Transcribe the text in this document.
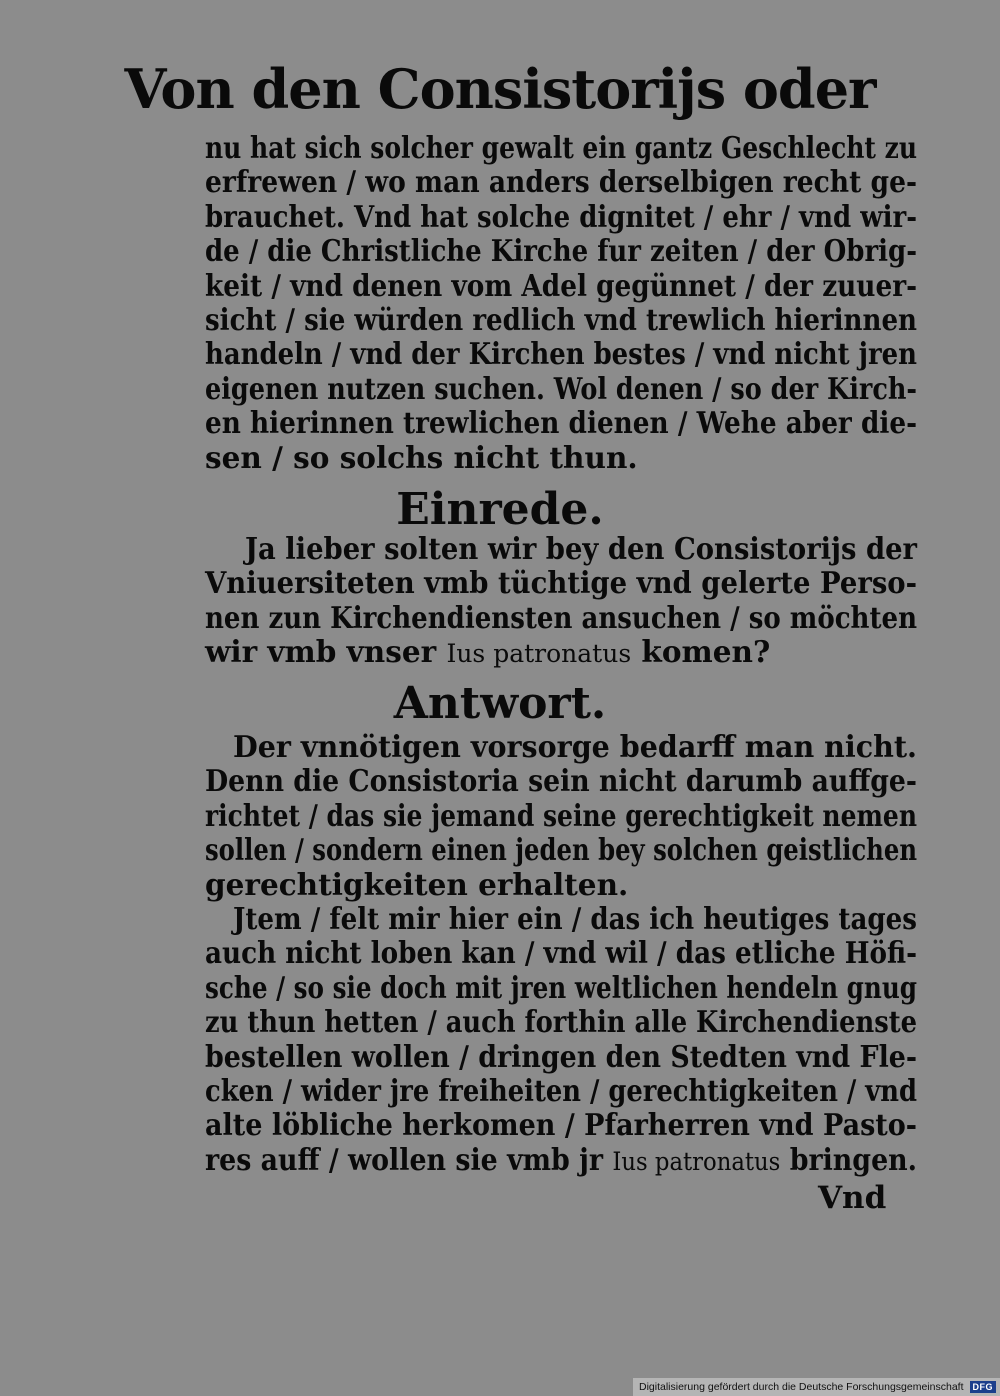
Von den Consistorijs oder
nu hat sich solcher gewalt ein gantz Geschlecht zu
erfrewen / wo man anders derselbigen recht ge-
brauchet. Vnd hat solche dignitet / ehr / vnd wir-
de / die Christliche Kirche fur zeiten / der Obrig-
keit / vnd denen vom Adel gegünnet / der zuuer-
sicht / sie würden redlich vnd trewlich hierinnen
handeln / vnd der Kirchen bestes / vnd nicht jren
eigenen nutzen suchen. Wol denen / so der Kirch-
en hierinnen trewlichen dienen / Wehe aber die-
sen / so solchs nicht thun.
Einrede.
Ja lieber solten wir bey den Consistorijs der
Vniuersiteten vmb tüchtige vnd gelerte Perso-
nen zun Kirchendiensten ansuchen / so möchten
wir vmb vnser Ius patronatus komen?
Antwort.
Der vnnötigen vorsorge bedarff man nicht.
Denn die Consistoria sein nicht darumb auffge-
richtet / das sie jemand seine gerechtigkeit nemen
sollen / sondern einen jeden bey solchen geistlichen
gerechtigkeiten erhalten.
Jtem / felt mir hier ein / das ich heutiges tages
auch nicht loben kan / vnd wil / das etliche Höfi-
sche / so sie doch mit jren weltlichen hendeln gnug
zu thun hetten / auch forthin alle Kirchendienste
bestellen wollen / dringen den Stedten vnd Fle-
cken / wider jre freiheiten / gerechtigkeiten / vnd
alte löbliche herkomen / Pfarherren vnd Pasto-
res auff / wollen sie vmb jr Ius patronatus bringen.
Vnd
Digitalisierung gefördert durch die Deutsche Forschungsgemeinschaft	DFG
